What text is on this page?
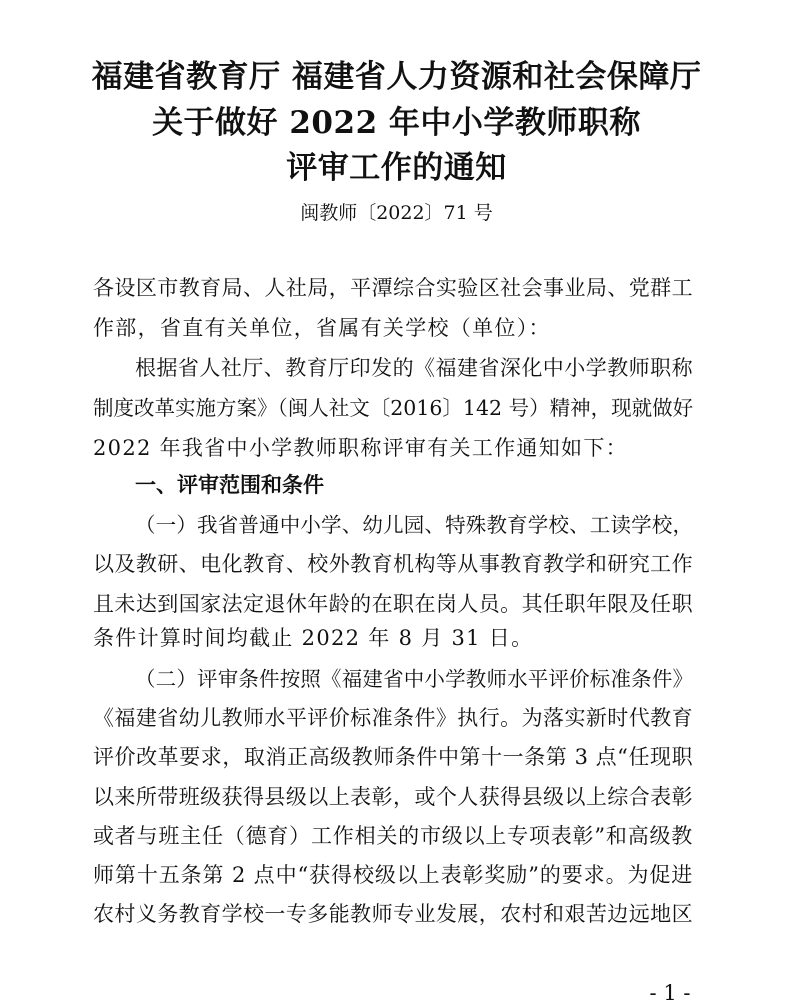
福建省教育厅 福建省人力资源和社会保障厅
关于做好 2022 年中小学教师职称
评审工作的通知
闽教师〔2022〕71 号
各设区市教育局、人社局，平潭综合实验区社会事业局、党群工
作部，省直有关单位，省属有关学校（单位）：
根据省人社厅、教育厅印发的《福建省深化中小学教师职称
制度改革实施方案》（闽人社文〔2016〕142 号）精神，现就做好
2022 年我省中小学教师职称评审有关工作通知如下：
一、评审范围和条件
（一）我省普通中小学、幼儿园、特殊教育学校、工读学校，
以及教研、电化教育、校外教育机构等从事教育教学和研究工作
且未达到国家法定退休年龄的在职在岗人员。其任职年限及任职
条件计算时间均截止 2022 年 8 月 31 日。
（二）评审条件按照《福建省中小学教师水平评价标准条件》
《福建省幼儿教师水平评价标准条件》执行。为落实新时代教育
评价改革要求，取消正高级教师条件中第十一条第 3 点“任现职
以来所带班级获得县级以上表彰，或个人获得县级以上综合表彰
或者与班主任（德育）工作相关的市级以上专项表彰”和高级教
师第十五条第 2 点中“获得校级以上表彰奖励”的要求。为促进
农村义务教育学校一专多能教师专业发展，农村和艰苦边远地区
- 1 -
